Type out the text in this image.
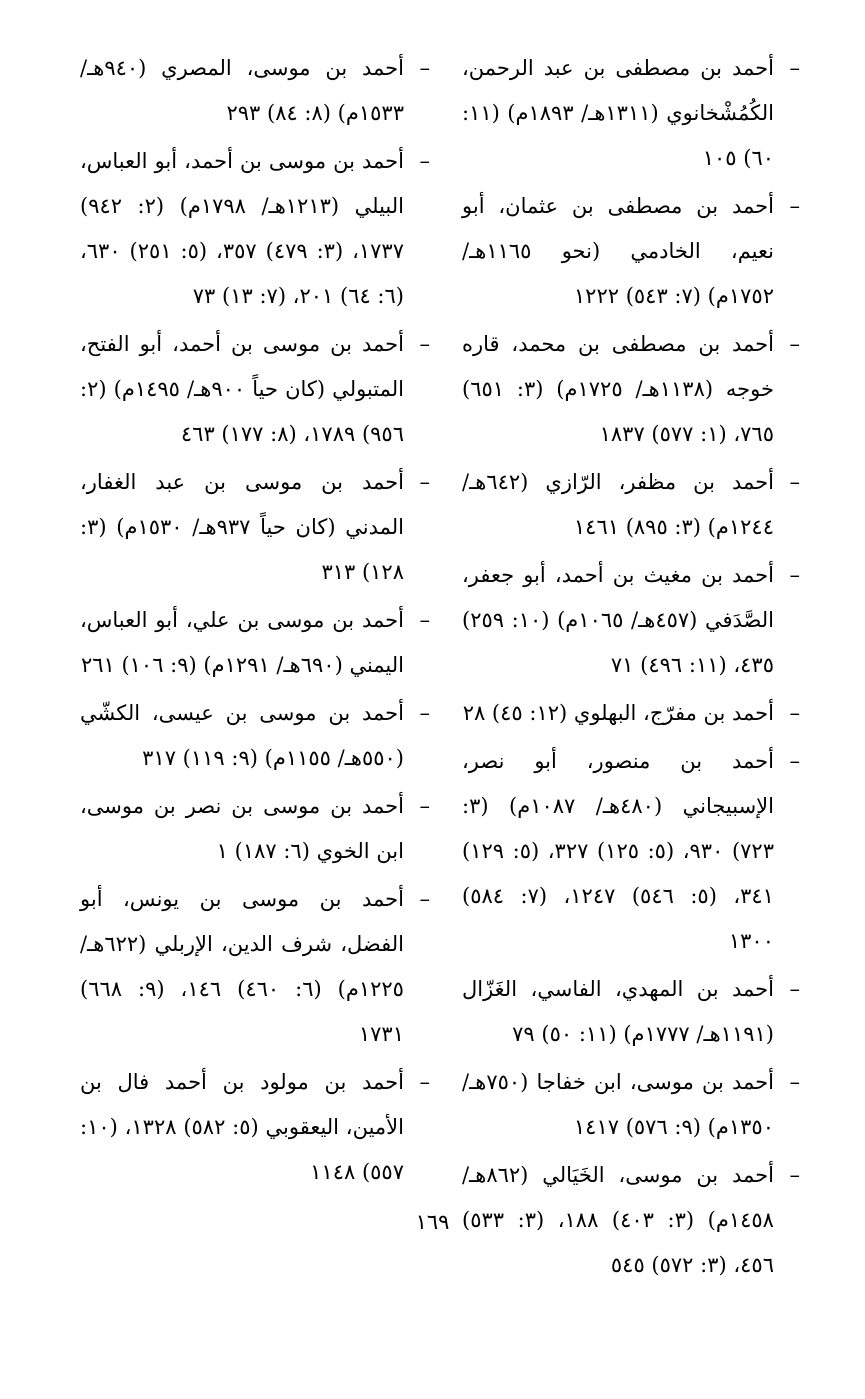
–
أحمد بن مصطفى بن عبد الرحمن، الكُمُشْخانوي (١٣١١هـ/ ١٨٩٣م) (١١: ٦٠) ١٠٥
–
أحمد بن مصطفى بن عثمان، أبو نعيم، الخادمي (نحو ١١٦٥هـ/ ١٧٥٢م) (٧: ٥٤٣) ١٢٢٢
–
أحمد بن مصطفى بن محمد، قاره خوجه (١١٣٨هـ/ ١٧٢٥م) (٣: ٦٥١) ٧٦٥، (١: ٥٧٧) ١٨٣٧
–
أحمد بن مظفر، الرّازي (٦٤٢هـ/ ١٢٤٤م) (٣: ٨٩٥) ١٤٦١
–
أحمد بن مغيث بن أحمد، أبو جعفر، الصَّدَفي (٤٥٧هـ/ ١٠٦٥م) (١٠: ٢٥٩) ٤٣٥، (١١: ٤٩٦) ٧١
–
أحمد بن مفرّج، البهلوي (١٢: ٤٥) ٢٨
–
أحمد بن منصور، أبو نصر، الإسبيجاني (٤٨٠هـ/ ١٠٨٧م) (٣: ٧٢٣) ٩٣٠، (٥: ١٢٥) ٣٢٧، (٥: ١٢٩) ٣٤١، (٥: ٥٤٦) ١٢٤٧، (٧: ٥٨٤) ١٣٠٠
–
أحمد بن المهدي، الفاسي، الغَزّال (١١٩١هـ/ ١٧٧٧م) (١١: ٥٠) ٧٩
–
أحمد بن موسى، ابن خفاجا (٧٥٠هـ/ ١٣٥٠م) (٩: ٥٧٦) ١٤١٧
–
أحمد بن موسى، الخَيَالي (٨٦٢هـ/ ١٤٥٨م) (٣: ٤٠٣) ١٨٨، (٣: ٥٣٣) ٤٥٦، (٣: ٥٧٢) ٥٤٥
–
أحمد بن موسى، المصري (٩٤٠هـ/ ١٥٣٣م) (٨: ٨٤) ٢٩٣
–
أحمد بن موسى بن أحمد، أبو العباس، البيلي (١٢١٣هـ/ ١٧٩٨م) (٢: ٩٤٢) ١٧٣٧، (٣: ٤٧٩) ٣٥٧، (٥: ٢٥١) ٦٣٠، (٦: ٦٤) ٢٠١، (٧: ١٣) ٧٣
–
أحمد بن موسى بن أحمد، أبو الفتح، المتبولي (كان حياً ٩٠٠هـ/ ١٤٩٥م) (٢: ٩٥٦) ١٧٨٩، (٨: ١٧٧) ٤٦٣
–
أحمد بن موسى بن عبد الغفار، المدني (كان حياً ٩٣٧هـ/ ١٥٣٠م) (٣: ١٢٨) ٣١٣
–
أحمد بن موسى بن علي، أبو العباس، اليمني (٦٩٠هـ/ ١٢٩١م) (٩: ١٠٦) ٢٦١
–
أحمد بن موسى بن عيسى، الكشّي (٥٥٠هـ/ ١١٥٥م) (٩: ١١٩) ٣١٧
–
أحمد بن موسى بن نصر بن موسى، ابن الخوي (٦: ١٨٧) ١
–
أحمد بن موسى بن يونس، أبو الفضل، شرف الدين، الإربلي (٦٢٢هـ/ ١٢٢٥م) (٦: ٤٦٠) ١٤٦، (٩: ٦٦٨) ١٧٣١
–
أحمد بن مولود بن أحمد فال بن الأمين، اليعقوبي (٥: ٥٨٢) ١٣٢٨، (١٠: ٥٥٧) ١١٤٨
١٦٩
